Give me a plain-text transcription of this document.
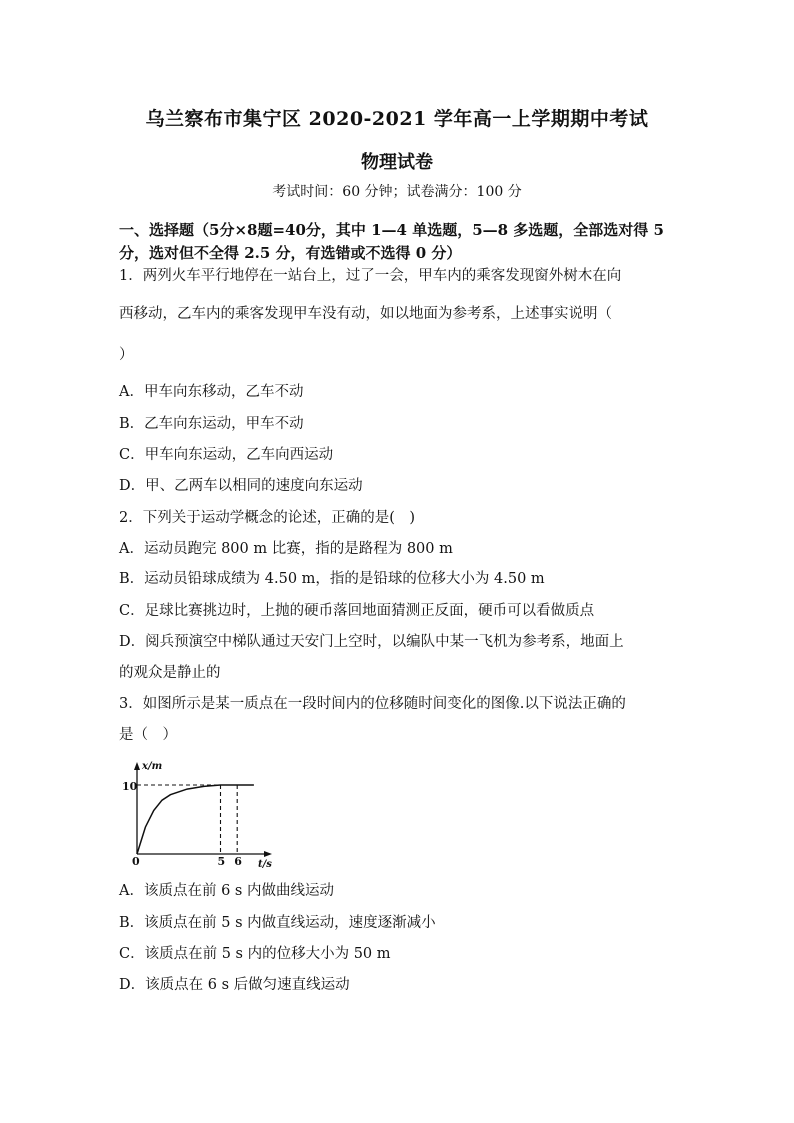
乌兰察布市集宁区 2020-2021 学年高一上学期期中考试
物理试卷
考试时间：60 分钟；试卷满分：100 分
一、选择题（5分×8题=40分，其中 1—4 单选题，5—8 多选题，全部选对得 5
分，选对但不全得 2.5 分，有选错或不选得 0 分）
1．两列火车平行地停在一站台上，过了一会，甲车内的乘客发现窗外树木在向
西移动，乙车内的乘客发现甲车没有动，如以地面为参考系，上述事实说明（
）
A．甲车向东移动，乙车不动
B．乙车向东运动，甲车不动
C．甲车向东运动，乙车向西运动
D．甲、乙两车以相同的速度向东运动
2．下列关于运动学概念的论述，正确的是(　)
A．运动员跑完 800 m 比赛，指的是路程为 800 m
B．运动员铅球成绩为 4.50 m，指的是铅球的位移大小为 4.50 m
C．足球比赛挑边时，上抛的硬币落回地面猜测正反面，硬币可以看做质点
D．阅兵预演空中梯队通过天安门上空时，以编队中某一飞机为参考系，地面上
的观众是静止的
3．如图所示是某一质点在一段时间内的位移随时间变化的图像.以下说法正确的
是（　）
x/m
t/s
0
10
5 6
A．该质点在前 6 s 内做曲线运动
B．该质点在前 5 s 内做直线运动，速度逐渐减小
C．该质点在前 5 s 内的位移大小为 50 m
D．该质点在 6 s 后做匀速直线运动
